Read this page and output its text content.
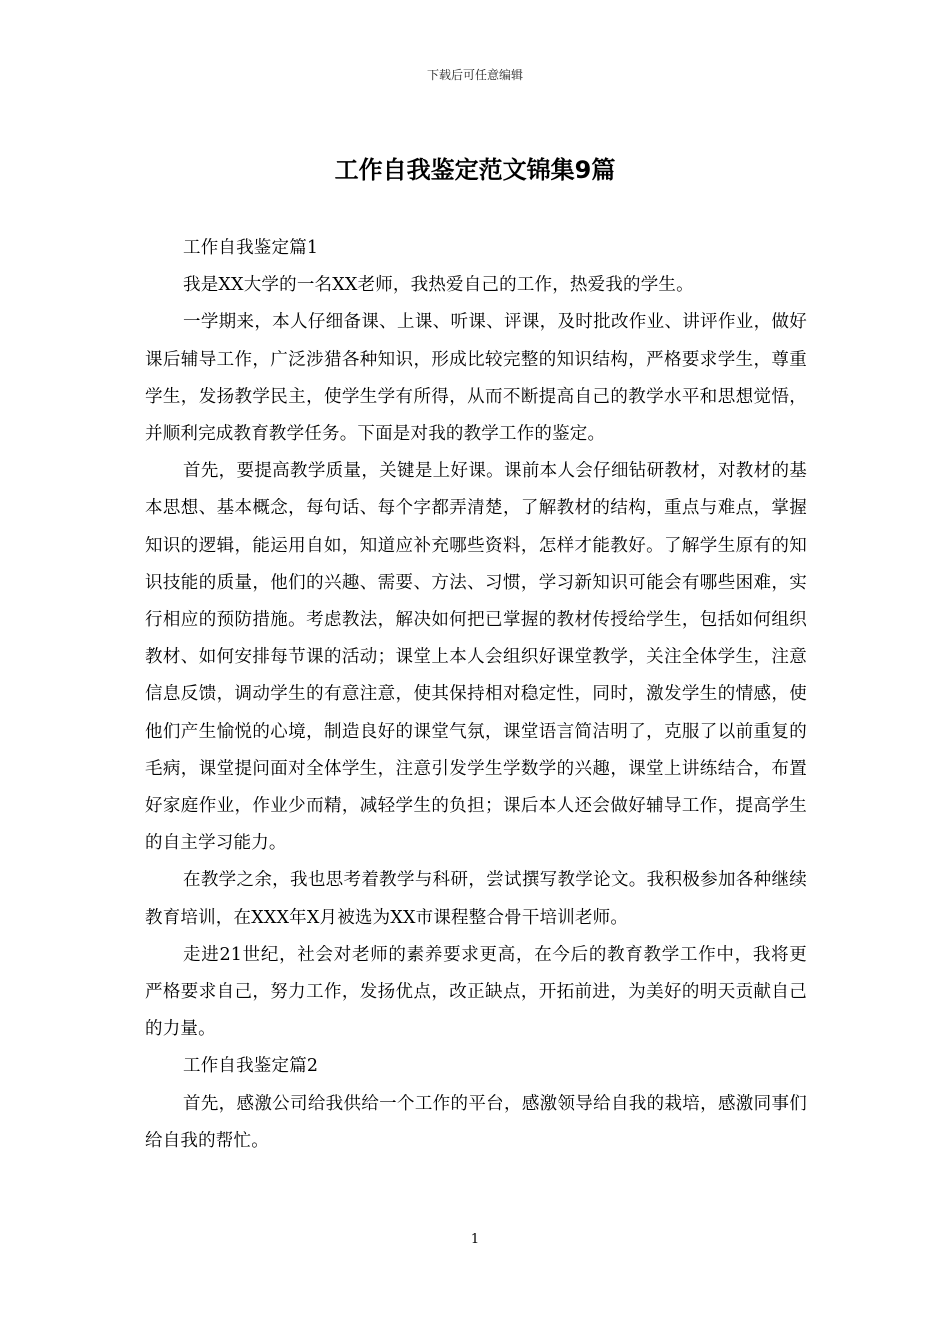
下载后可任意编辑
工作自我鉴定范文锦集9篇

工作自我鉴定篇1

我是XX大学的一名XX老师，我热爱自己的工作，热爱我的学生。

一学期来，本人仔细备课、上课、听课、评课，及时批改作业、讲评作业，做好课后辅导工作，广泛涉猎各种知识，形成比较完整的知识结构，严格要求学生，尊重学生，发扬教学民主，使学生学有所得，从而不断提高自己的教学水平和思想觉悟，并顺利完成教育教学任务。下面是对我的教学工作的鉴定。

首先，要提高教学质量，关键是上好课。课前本人会仔细钻研教材，对教材的基本思想、基本概念，每句话、每个字都弄清楚，了解教材的结构，重点与难点，掌握知识的逻辑，能运用自如，知道应补充哪些资料，怎样才能教好。了解学生原有的知识技能的质量，他们的兴趣、需要、方法、习惯，学习新知识可能会有哪些困难，实行相应的预防措施。考虑教法，解决如何把已掌握的教材传授给学生，包括如何组织教材、如何安排每节课的活动；课堂上本人会组织好课堂教学，关注全体学生，注意信息反馈，调动学生的有意注意，使其保持相对稳定性，同时，激发学生的情感，使他们产生愉悦的心境，制造良好的课堂气氛，课堂语言简洁明了，克服了以前重复的毛病，课堂提问面对全体学生，注意引发学生学数学的兴趣，课堂上讲练结合，布置好家庭作业，作业少而精，减轻学生的负担；课后本人还会做好辅导工作，提高学生的自主学习能力。

在教学之余，我也思考着教学与科研，尝试撰写教学论文。我积极参加各种继续教育培训，在XXX年X月被选为XX市课程整合骨干培训老师。

走进21世纪，社会对老师的素养要求更高，在今后的教育教学工作中，我将更严格要求自己，努力工作，发扬优点，改正缺点，开拓前进，为美好的明天贡献自己的力量。

工作自我鉴定篇2

首先，感激公司给我供给一个工作的平台，感激领导给自我的栽培，感激同事们给自我的帮忙。

1
